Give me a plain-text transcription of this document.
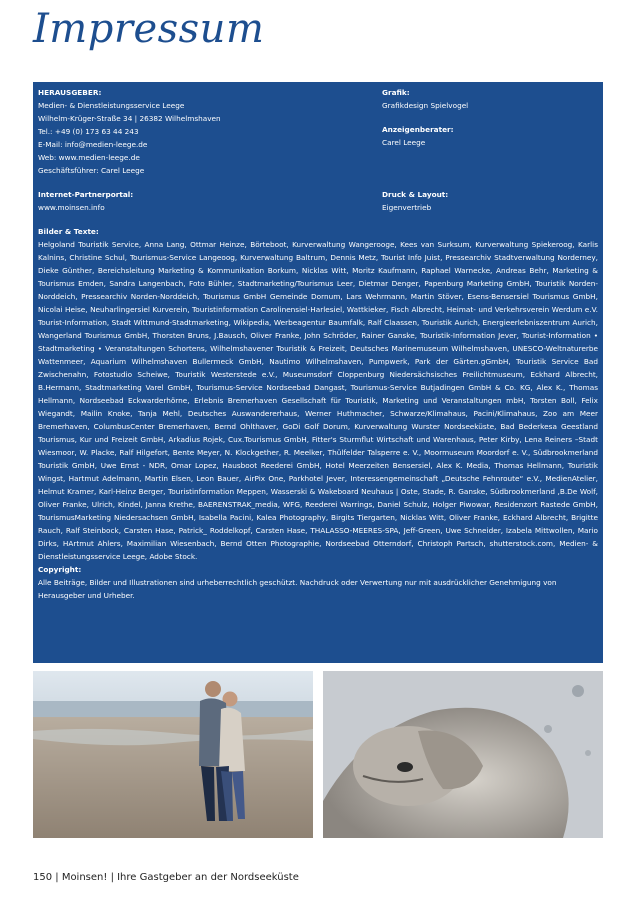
Impressum
HERAUSGEBER:
Medien- & Dienstleistungsservice Leege
Wilhelm-Krüger-Straße 34 | 26382 Wilhelmshaven
Tel.: +49 (0) 173 63 44 243
E-Mail: info@medien-leege.de
Web: www.medien-leege.de
Geschäftsführer: Carel Leege
Grafik:
Grafikdesign Spielvogel
Anzeigenberater:
Carel Leege
Internet-Partnerportal:
www.moinsen.info
Druck & Layout:
Eigenvertrieb
Bilder & Texte:
Helgoland Touristik Service, Anna Lang, Ottmar Heinze, Börteboot, Kurverwaltung Wangerooge, Kees van Surksum, Kurverwaltung Spiekeroog, Karlis Kalnins, Christine Schul, Tourismus-Service Langeoog, Kurverwaltung Baltrum, Dennis Metz, Tourist Info Juist, Pressearchiv Stadtverwaltung Norderney, Dieke Günther, Bereichsleitung Marketing & Kommunikation Borkum, Nicklas Witt, Moritz Kaufmann, Raphael Warnecke, Andreas Behr, Marketing & Tourismus Emden, Sandra Langenbach, Foto Bühler, Stadtmarketing/Tourismus Leer, Dietmar Denger, Papenburg Marketing GmbH, Touristik Norden-Norddeich, Pressearchiv Norden-Norddeich, Tourismus GmbH Gemeinde Dornum, Lars Wehrmann, Martin Stöver, Esens-Bensersiel Tourismus GmbH, Nicolai Heise, Neuharlingersiel Kurverein, Touristinformation Carolinensiel-Harlesiel, Wattkieker, Fisch Albrecht, Heimat- und Verkehrsverein Werdum e.V. Tourist-Information, Stadt Wittmund-Stadtmarketing, Wikipedia, Werbeagentur Baumfalk, Ralf Claassen, Touristik Aurich, Energieerlebniszentrum Aurich, Wangerland Tourismus GmbH, Thorsten Bruns, J.Bausch, Oliver Franke, John Schröder, Rainer Ganske, Touristik-Information Jever, Tourist-Information • Stadtmarketing • Veranstaltungen Schortens, Wilhelmshavener Touristik & Freizeit, Deutsches Marinemuseum Wilhelmshaven, UNESCO-Weltnaturerbe Wattenmeer, Aquarium Wilhelmshaven Bullermeck GmbH, Nautimo Wilhelmshaven, Pumpwerk, Park der Gärten.gGmbH, Touristik Service Bad Zwischenahn, Fotostudio Scheiwe, Touristik Westerstede e.V., Museumsdorf Cloppenburg Niedersächsisches Freilichtmuseum, Eckhard Albrecht, B.Hermann, Stadtmarketing Varel GmbH, Tourismus-Service Nordseebad Dangast, Tourismus-Service Butjadingen GmbH & Co. KG, Alex K., Thomas Hellmann, Nordseebad Eckwarderhörne, Erlebnis Bremerhaven Gesellschaft für Touristik, Marketing und Veranstaltungen mbH, Torsten Boll, Felix Wiegandt, Mailin Knoke, Tanja Mehl, Deutsches Auswandererhaus, Werner Huthmacher, Schwarze/Klimahaus, Pacini/Klimahaus, Zoo am Meer Bremerhaven, ColumbusCenter Bremerhaven, Bernd Ohlthaver, GoDi Golf Dorum, Kurverwaltung Wurster Nordseeküste, Bad Bederkesa Geestland Tourismus, Kur und Freizeit GmbH, Arkadius Rojek, Cux.Tourismus GmbH, Fitter's Sturmflut Wirtschaft und Warenhaus, Peter Kirby, Lena Reiners –Stadt Wiesmoor, W. Placke, Ralf Hilgefort, Bente Meyer, N. Klockgether, R. Meelker, Thülfelder Talsperre e. V., Moormuseum Moordorf e. V., Südbrookmerland Touristik GmbH, Uwe Ernst - NDR, Omar Lopez, Hausboot Reederei GmbH, Hotel Meerzeiten Bensersiel, Alex K. Media, Thomas Hellmann, Touristik Wingst, Hartmut Adelmann, Martin Elsen, Leon Bauer, AirPix One, Parkhotel Jever, Interessengemeinschaft „Deutsche Fehnroute“ e.V., MedienAtelier, Helmut Kramer, Karl-Heinz Berger, Touristinformation Meppen, Wasserski & Wakeboard Neuhaus | Oste, Stade, R. Ganske, Südbrookmerland ,B.De Wolf, Oliver Franke, Ulrich, Kindel, Janna Krethe, BAERENSTRAK_media, WFG, Reederei Warrings, Daniel Schulz, Holger Piwowar, Residenzort Rastede GmbH, TourismusMarketing Niedersachsen GmbH, Isabella Pacini, Kalea Photography, Birgits Tiergarten, Nicklas Witt, Oliver Franke, Eckhard Albrecht, Brigitte Rauch, Ralf Steinbock, Carsten Hase, Patrick_ Roddelkopf, Carsten Hase, THALASSO-MEERES-SPA, Jeff-Green, Uwe Schneider, Izabela Mittwollen, Mario Dirks, HArtmut Ahlers, Maximilian Wiesenbach, Bernd Otten Photographie, Nordseebad Otterndorf, Christoph Partsch, shutterstock.com, Medien- & Dienstleistungsservice Leege, Adobe Stock.
Copyright:
Alle Beiträge, Bilder und Illustrationen sind urheberrechtlich geschützt. Nachdruck oder Verwertung nur mit ausdrücklicher Genehmigung von Herausgeber und Urheber.
150 | Moinsen! | Ihre Gastgeber an der Nordseeküste
